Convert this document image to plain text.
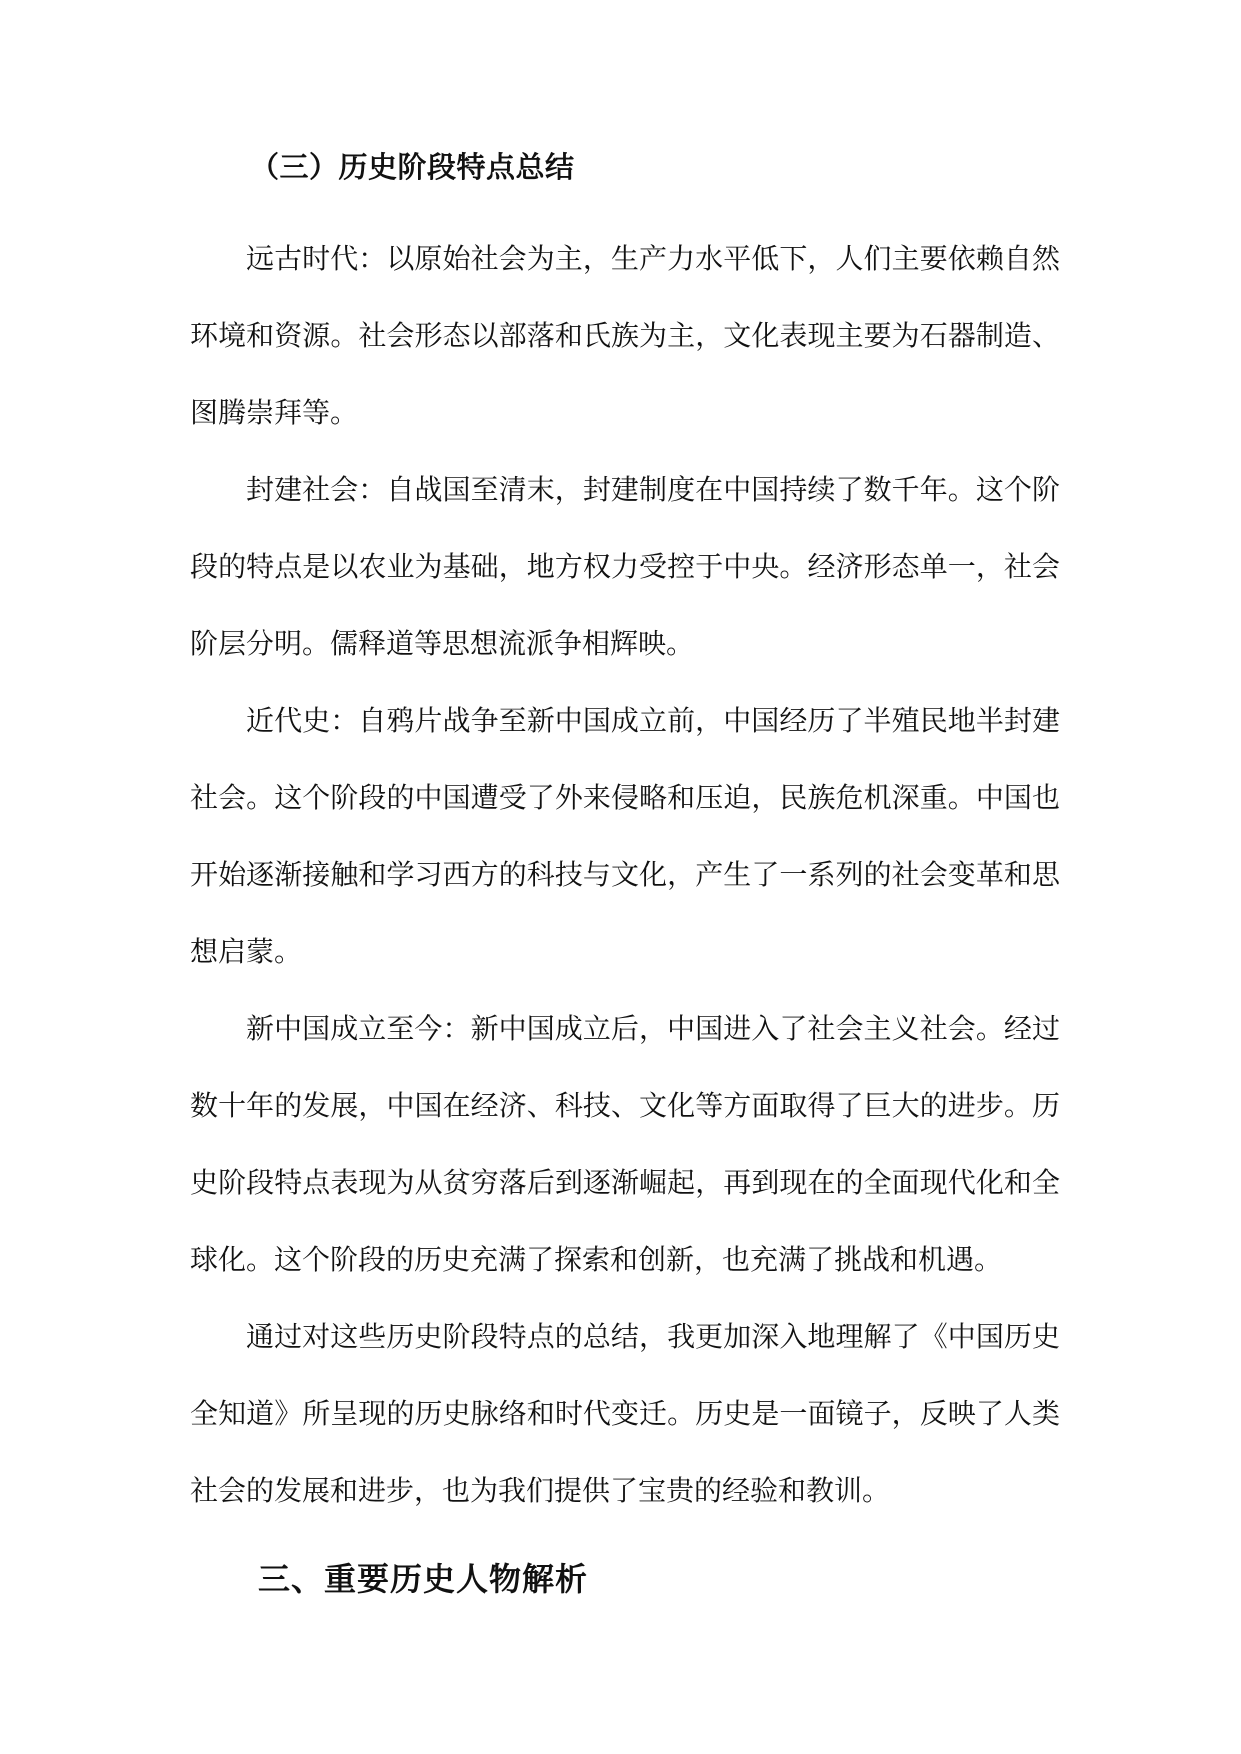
（三）历史阶段特点总结

远古时代：以原始社会为主，生产力水平低下，人们主要依赖自然环境和资源。社会形态以部落和氏族为主，文化表现主要为石器制造、图腾崇拜等。

封建社会：自战国至清末，封建制度在中国持续了数千年。这个阶段的特点是以农业为基础，地方权力受控于中央。经济形态单一，社会阶层分明。儒释道等思想流派争相辉映。

近代史：自鸦片战争至新中国成立前，中国经历了半殖民地半封建社会。这个阶段的中国遭受了外来侵略和压迫，民族危机深重。中国也开始逐渐接触和学习西方的科技与文化，产生了一系列的社会变革和思想启蒙。

新中国成立至今：新中国成立后，中国进入了社会主义社会。经过数十年的发展，中国在经济、科技、文化等方面取得了巨大的进步。历史阶段特点表现为从贫穷落后到逐渐崛起，再到现在的全面现代化和全球化。这个阶段的历史充满了探索和创新，也充满了挑战和机遇。

通过对这些历史阶段特点的总结，我更加深入地理解了《中国历史全知道》所呈现的历史脉络和时代变迁。历史是一面镜子，反映了人类社会的发展和进步，也为我们提供了宝贵的经验和教训。

三、重要历史人物解析
